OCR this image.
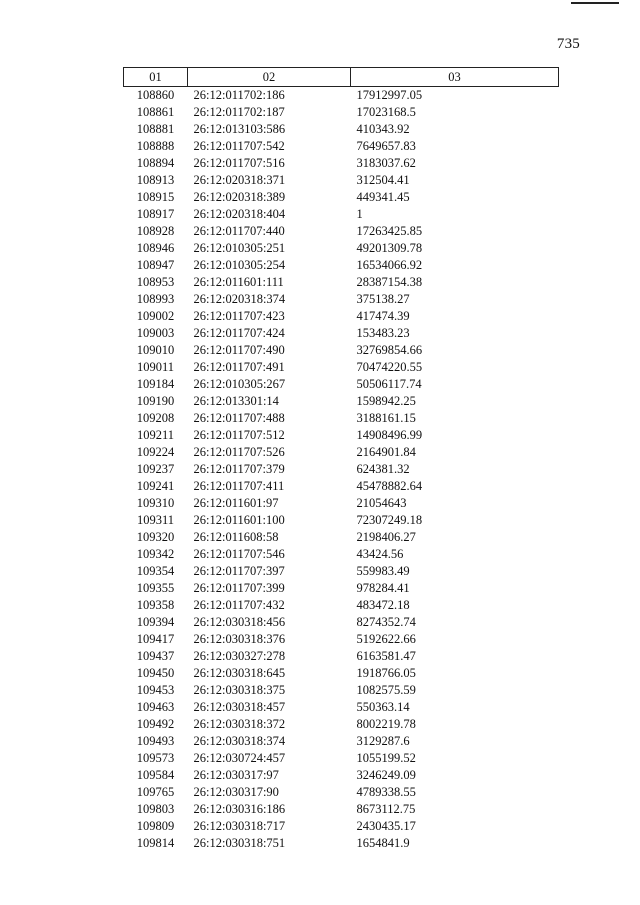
735
01	02	03
108860	26:12:011702:186	17912997.05
108861	26:12:011702:187	17023168.5
108881	26:12:013103:586	410343.92
108888	26:12:011707:542	7649657.83
108894	26:12:011707:516	3183037.62
108913	26:12:020318:371	312504.41
108915	26:12:020318:389	449341.45
108917	26:12:020318:404	1
108928	26:12:011707:440	17263425.85
108946	26:12:010305:251	49201309.78
108947	26:12:010305:254	16534066.92
108953	26:12:011601:111	28387154.38
108993	26:12:020318:374	375138.27
109002	26:12:011707:423	417474.39
109003	26:12:011707:424	153483.23
109010	26:12:011707:490	32769854.66
109011	26:12:011707:491	70474220.55
109184	26:12:010305:267	50506117.74
109190	26:12:013301:14	1598942.25
109208	26:12:011707:488	3188161.15
109211	26:12:011707:512	14908496.99
109224	26:12:011707:526	2164901.84
109237	26:12:011707:379	624381.32
109241	26:12:011707:411	45478882.64
109310	26:12:011601:97	21054643
109311	26:12:011601:100	72307249.18
109320	26:12:011608:58	2198406.27
109342	26:12:011707:546	43424.56
109354	26:12:011707:397	559983.49
109355	26:12:011707:399	978284.41
109358	26:12:011707:432	483472.18
109394	26:12:030318:456	8274352.74
109417	26:12:030318:376	5192622.66
109437	26:12:030327:278	6163581.47
109450	26:12:030318:645	1918766.05
109453	26:12:030318:375	1082575.59
109463	26:12:030318:457	550363.14
109492	26:12:030318:372	8002219.78
109493	26:12:030318:374	3129287.6
109573	26:12:030724:457	1055199.52
109584	26:12:030317:97	3246249.09
109765	26:12:030317:90	4789338.55
109803	26:12:030316:186	8673112.75
109809	26:12:030318:717	2430435.17
109814	26:12:030318:751	1654841.9
